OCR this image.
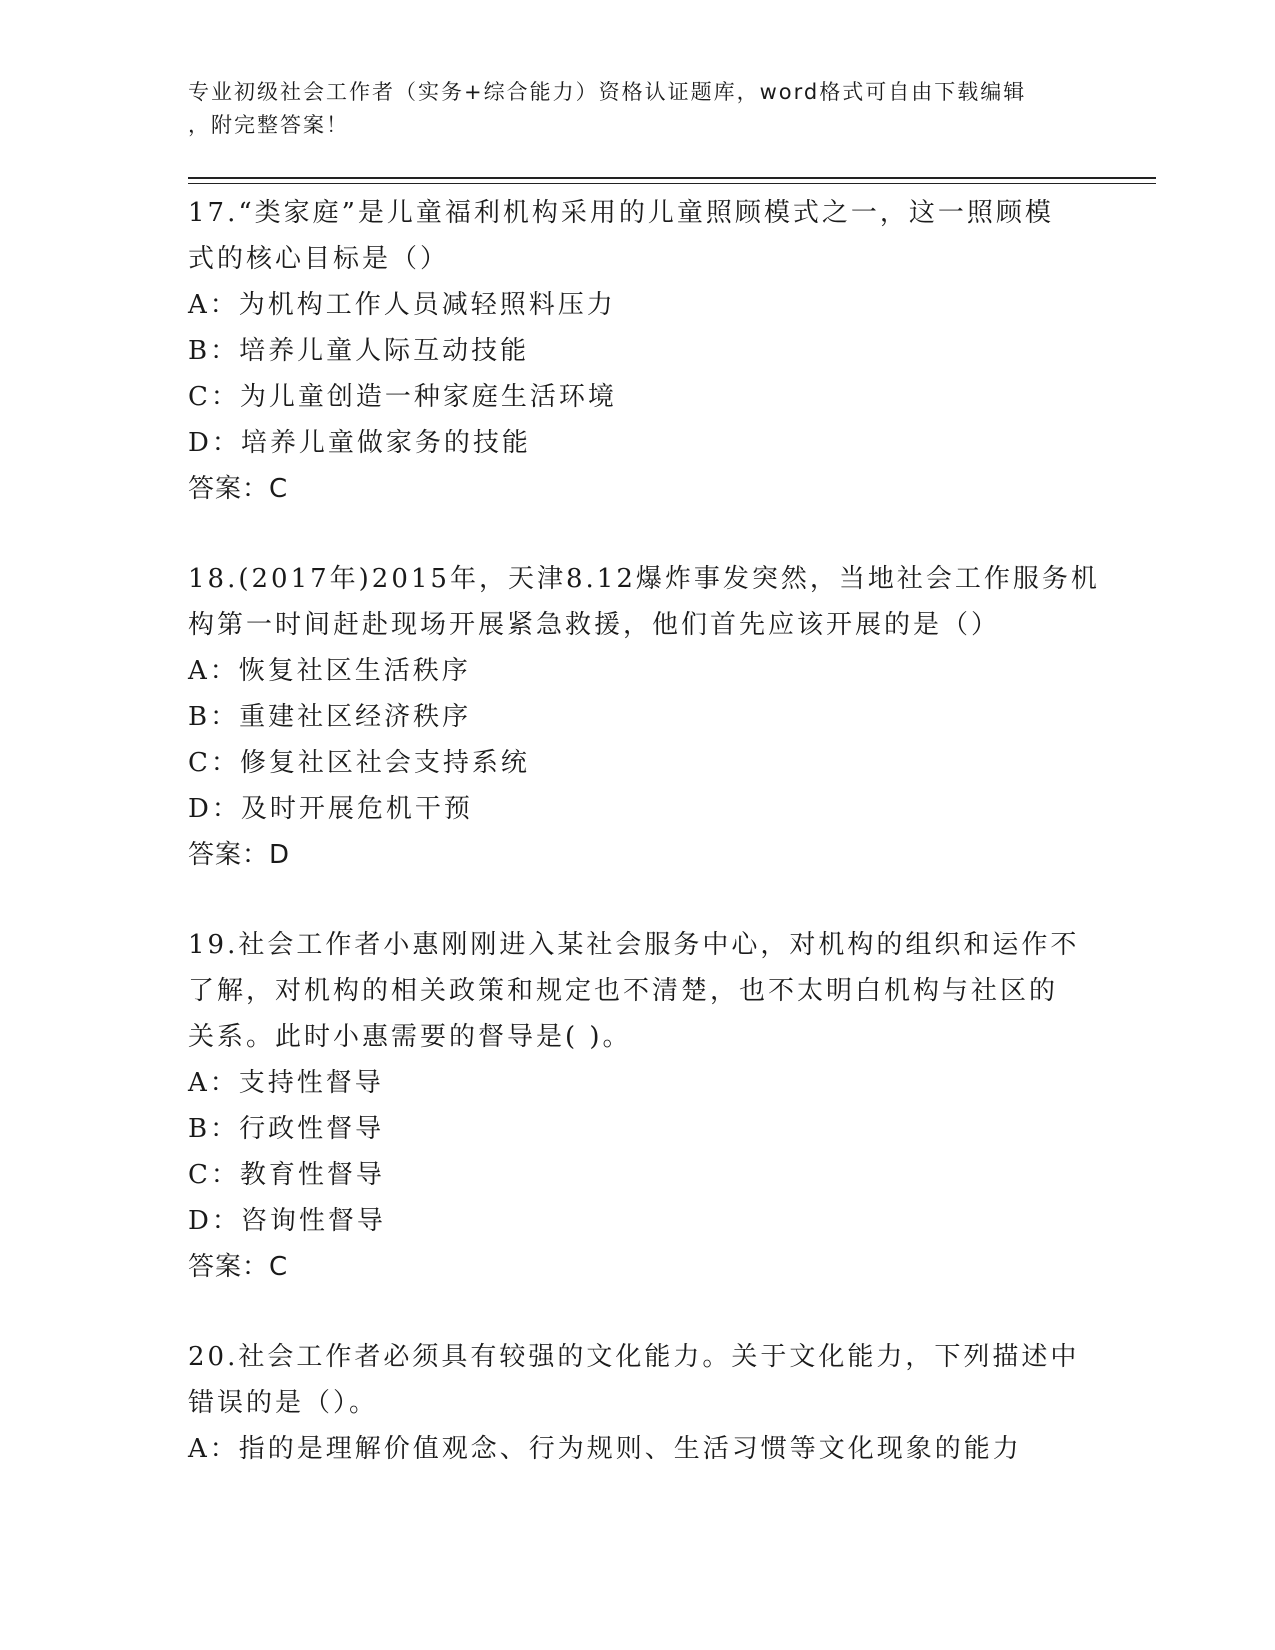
专业初级社会工作者（实务+综合能力）资格认证题库，word格式可自由下载编辑
，附完整答案！
17.“类家庭”是儿童福利机构采用的儿童照顾模式之一，这一照顾模
式的核心目标是（）
A：为机构工作人员减轻照料压力
B：培养儿童人际互动技能
C：为儿童创造一种家庭生活环境
D：培养儿童做家务的技能
答案：C
18.(2017年)2015年，天津8.12爆炸事发突然，当地社会工作服务机
构第一时间赶赴现场开展紧急救援，他们首先应该开展的是（）
A：恢复社区生活秩序
B：重建社区经济秩序
C：修复社区社会支持系统
D：及时开展危机干预
答案：D
19.社会工作者小惠刚刚进入某社会服务中心，对机构的组织和运作不
了解，对机构的相关政策和规定也不清楚，也不太明白机构与社区的
关系。此时小惠需要的督导是( )。
A：支持性督导
B：行政性督导
C：教育性督导
D：咨询性督导
答案：C
20.社会工作者必须具有较强的文化能力。关于文化能力，下列描述中
错误的是（）。
A：指的是理解价值观念、行为规则、生活习惯等文化现象的能力
